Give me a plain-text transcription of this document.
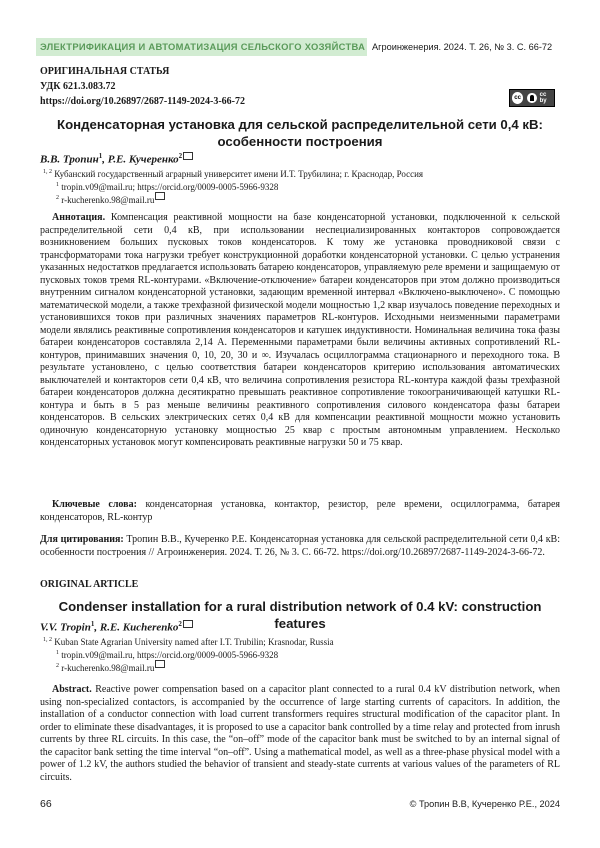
ЭЛЕКТРИФИКАЦИЯ И АВТОМАТИЗАЦИЯ СЕЛЬСКОГО ХОЗЯЙСТВА Агроинженерия. 2024. Т. 26, № 3. С. 66-72
ОРИГИНАЛЬНАЯ СТАТЬЯ
УДК 621.3.083.72
https://doi.org/10.26897/2687-1149-2024-3-66-72	cc	cc by
Конденсаторная установка для сельской распределительной сети 0,4 кВ: особенности построения
В.В. Тропин$^1$, Р.Е. Кучеренко$^2$
$^{1, 2}$ Кубанский государственный аграрный университет имени И.Т. Трубилина; г. Краснодар, Россия
$^1$ tropin.v09@mail.ru; https://orcid.org/0009-0005-5966-9328
$^2$ r-kucherenko.98@mail.ru

Аннотация. Компенсация реактивной мощности на базе конденсаторной установки, подключенной к сельской распределительной сети 0,4 кВ, при использовании неспециализированных контакторов сопровождается возникновением больших пусковых токов конденсаторов. К тому же установка проводниковой связи с трансформаторами тока нагрузки требует конструкционной доработки конденсаторной установки. С целью устранения указанных недостатков предлагается использовать батарею конденсаторов, управляемую реле времени и защищаемую от пусковых токов тремя RL-контурами. «Включение-отключение» батареи конденсаторов при этом должно производиться внутренним сигналом конденсаторной установки, задающим временной интервал «Включено-выключено». С помощью математической модели, а также трехфазной физической модели мощностью 1,2 квар изучалось поведение переходных и установившихся токов при различных значениях параметров RL-контуров. Исходными неизменными параметрами модели являлись реактивные сопротивления конденсаторов и катушек индуктивности. Номинальная величина тока фазы батареи конденсаторов составляла 2,14 А. Переменными параметрами были величины активных сопротивлений RL-контуров, принимавших значения 0, 10, 20, 30 и ∞. Изучалась осциллограмма стационарного и переходного тока. В результате установлено, с целью соответствия батареи конденсаторов критерию использования автоматических выключателей и контакторов сети 0,4 кВ, что величина сопротивления резистора RL-контура каждой фазы трехфазной батареи конденсаторов должна десятикратно превышать реактивное сопротивление токоограничивающей катушки RL-контура и быть в 5 раз меньше величины реактивного сопротивления силового конденсатора фазы батареи конденсаторов. В сельских электрических сетях 0,4 кВ для компенсации реактивной мощности можно установить одиночную конденсаторную установку мощностью 25 квар с простым автономным управлением. Несколько конденсаторных установок могут компенсировать реактивные нагрузки 50 и 75 квар.

Ключевые слова: конденсаторная установка, контактор, резистор, реле времени, осциллограмма, батарея конденсаторов, RL-контур

Для цитирования: Тропин В.В., Кучеренко Р.Е. Конденсаторная установка для сельской распределительной сети 0,4 кВ: особенности построения // Агроинженерия. 2024. Т. 26, № 3. С. 66-72. https://doi.org/10.26897/2687-1149-2024-3-66-72.

ORIGINAL ARTICLE
Condenser installation for a rural distribution network of 0.4 kV: construction features
V.V. Tropin$^1$, R.E. Kucherenko$^2$
$^{1, 2}$ Kuban State Agrarian University named after I.T. Trubilin; Krasnodar, Russia
$^1$ tropin.v09@mail.ru, https://orcid.org/0009-0005-5966-9328
$^2$ r-kucherenko.98@mail.ru

Abstract. Reactive power compensation based on a capacitor plant connected to a rural 0.4 kV distribution network, when using non-specialized contactors, is accompanied by the occurrence of large starting currents of capacitors. In addition, the installation of a conductor connection with load current transformers requires structural modification of the capacitor plant. In order to eliminate these disadvantages, it is proposed to use a capacitor bank controlled by a time relay and protected from inrush currents by three RL circuits. In this case, the “on–off” mode of the capacitor bank must be switched to by an internal signal of the capacitor bank setting the time interval “on–off”. Using a mathematical model, as well as a three-phase physical model with a power of 1.2 kV, the authors studied the behavior of transient and steady-state currents at various values of the parameters of RL circuits.

66	© Тропин В.В, Кучеренко Р.Е., 2024
